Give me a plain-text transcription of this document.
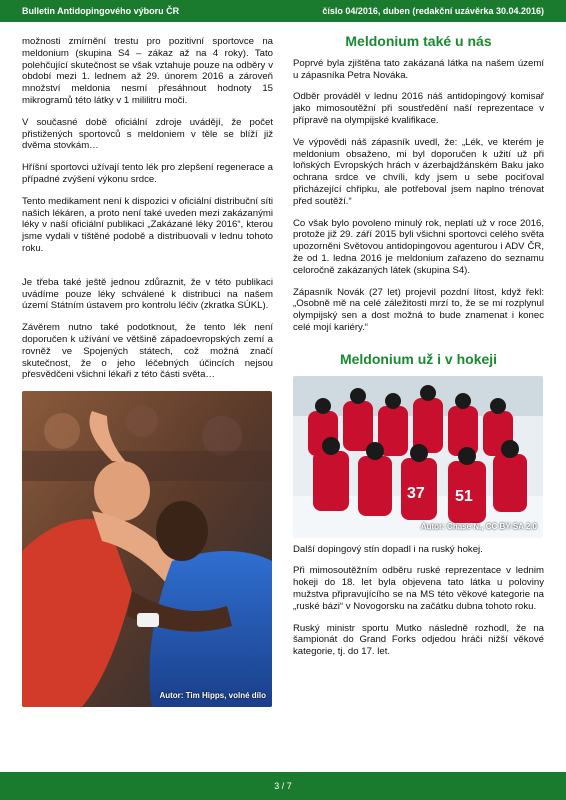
Bulletin Antidopingového výboru ČR	číslo 04/2016, duben (redakční uzávěrka 30.04.2016)

možnosti zmírnění trestu pro pozitivní sportovce na meldonium (skupina S4 – zákaz až na 4 roky). Tato polehčující skutečnost se však vztahuje pouze na odběry v období mezi 1. lednem až 29. únorem 2016 a zároveň množství meldonia nesmí přesáhnout hodnoty 15 mikrogramů této látky v 1 mililitru moči.

V současné době oficiální zdroje uvádějí, že počet přistižených sportovců s meldoniem v těle se blíží již dvěma stovkám…

Hříšní sportovci užívají tento lék pro zlepšení regenerace a případné zvýšení výkonu srdce.

Tento medikament není k dispozici v oficiální distribuční síti našich lékáren, a proto není také uveden mezi zakázanými léky v naší oficiální publikaci „Zakázané léky 2016“, kterou jsme vydali v tištěné podobě a distribuovali v lednu tohoto roku.

Je třeba také ještě jednou zdůraznit, že v této publikaci uvádíme pouze léky schválené k distribuci na našem území Státním ústavem pro kontrolu léčiv (zkratka SÚKL).

Závěrem nutno také podotknout, že tento lék není doporučen k užívání ve většině západoevropských zemí a rovněž ve Spojených státech, což možná značí skutečnost, že o jeho léčebných účincích nejsou přesvědčeni všichni lékaři z této části světa…

Autor: Tim Hipps, volné dílo
Meldonium také u nás

Poprvé byla zjištěna tato zakázaná látka na našem území u zápasníka Petra Nováka.

Odběr prováděl v lednu 2016 náš antidopingový komisař jako mimosoutěžní při soustředění naší reprezentace v přípravě na olympijské kvalifikace.

Ve výpovědi náš zápasník uvedl, že: „Lék, ve kterém je meldonium obsaženo, mi byl doporučen k užití už při loňských Evropských hrách v ázerbajdžánském Baku jako ochrana srdce ve chvíli, kdy jsem u sebe pociťoval přicházející chřipku, ale potřeboval jsem naplno trénovat před soutěží.“

Co však bylo povoleno minulý rok, neplatí už v roce 2016, protože již 29. září 2015 byli všichni sportovci celého světa upozorněni Světovou antidopingovou agenturou i ADV ČR, že od 1. ledna 2016 je meldonium zařazeno do seznamu celoročně zakázaných látek (skupina S4).

Zápasník Novák (27 let) projevil pozdní lítost, když řekl: „Osobně mě na celé záležitosti mrzí to, že se mi rozplynul olympijský sen a dost možná to bude znamenat i konec celé mojí kariéry.“

Meldonium už i v hokeji
37 51
Autor: Chase N., CC BY-SA 2.0

Další dopingový stín dopadl i na ruský hokej.

Při mimosoutěžním odběru ruské reprezentace v lednim hokeji do 18. let byla objevena tato látka u poloviny mužstva připravujícího se na MS této věkové kategorie na „ruské bázi“ v Novogorsku na začátku dubna tohoto roku.

Ruský ministr sportu Mutko následně rozhodl, že na šampionát do Grand Forks odjedou hráči nižší věkové kategorie, tj. do 17. let.

3 / 7
